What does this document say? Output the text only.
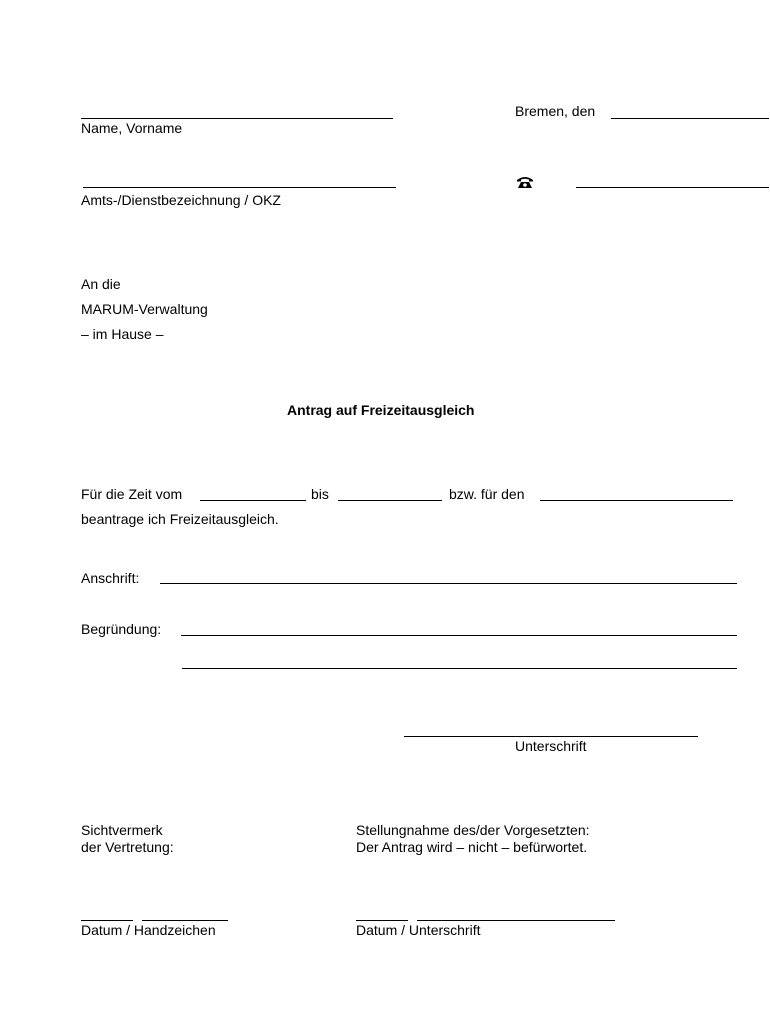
Name, Vorname
Bremen, den
Amts-/Dienstbezeichnung / OKZ
An die
MARUM-Verwaltung
– im Hause –
Antrag auf Freizeitausgleich
Für die Zeit vom	bis	bzw. für den
beantrage ich Freizeitausgleich.
Anschrift:
Begründung:
Unterschrift
Sichtvermerk
der Vertretung:
Stellungnahme des/der Vorgesetzten:
Der Antrag wird – nicht – befürwortet.
Datum / Handzeichen	Datum / Unterschrift
